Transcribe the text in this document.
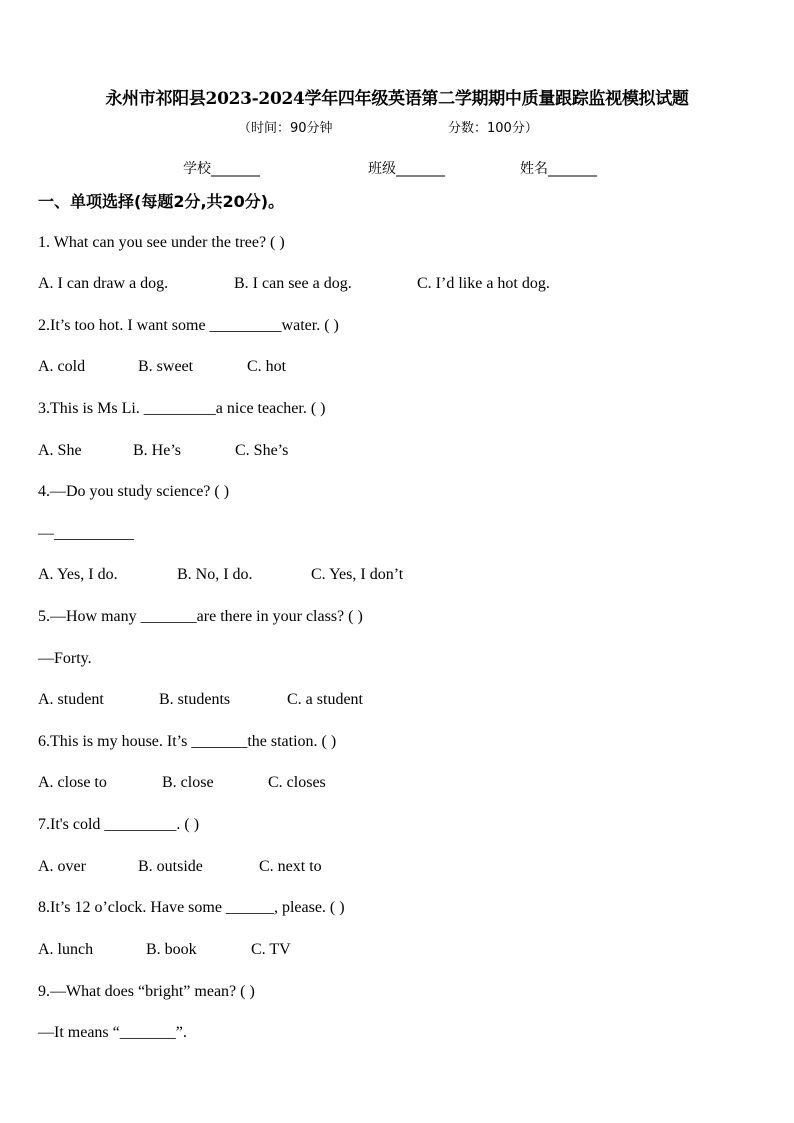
永州市祁阳县2023-2024学年四年级英语第二学期期中质量跟踪监视模拟试题
（时间：90分钟	分数：100分）
学校_______	班级_______	姓名_______
一、单项选择(每题2分,共20分)。
1. What can you see under the tree? ( )
A. I can draw a dog.	B. I can see a dog.	C. I’d like a hot dog.
2.It’s too hot. I want some _________water. ( )
A. cold	B. sweet	C. hot
3.This is Ms Li. _________a nice teacher. ( )
A. She	B. He’s	C. She’s
4.—Do you study science? ( )
—__________
A. Yes, I do.	B. No, I do.	C. Yes, I don’t
5.—How many _______are there in your class? ( )
—Forty.
A. student	B. students	C. a student
6.This is my house. It’s _______the station. ( )
A. close to	B. close	C. closes
7.It's cold _________. ( )
A. over	B. outside	C. next to
8.It’s 12 o’clock. Have some ______, please. ( )
A. lunch	B. book	C. TV
9.—What does “bright” mean? ( )
—It means “_______”.
